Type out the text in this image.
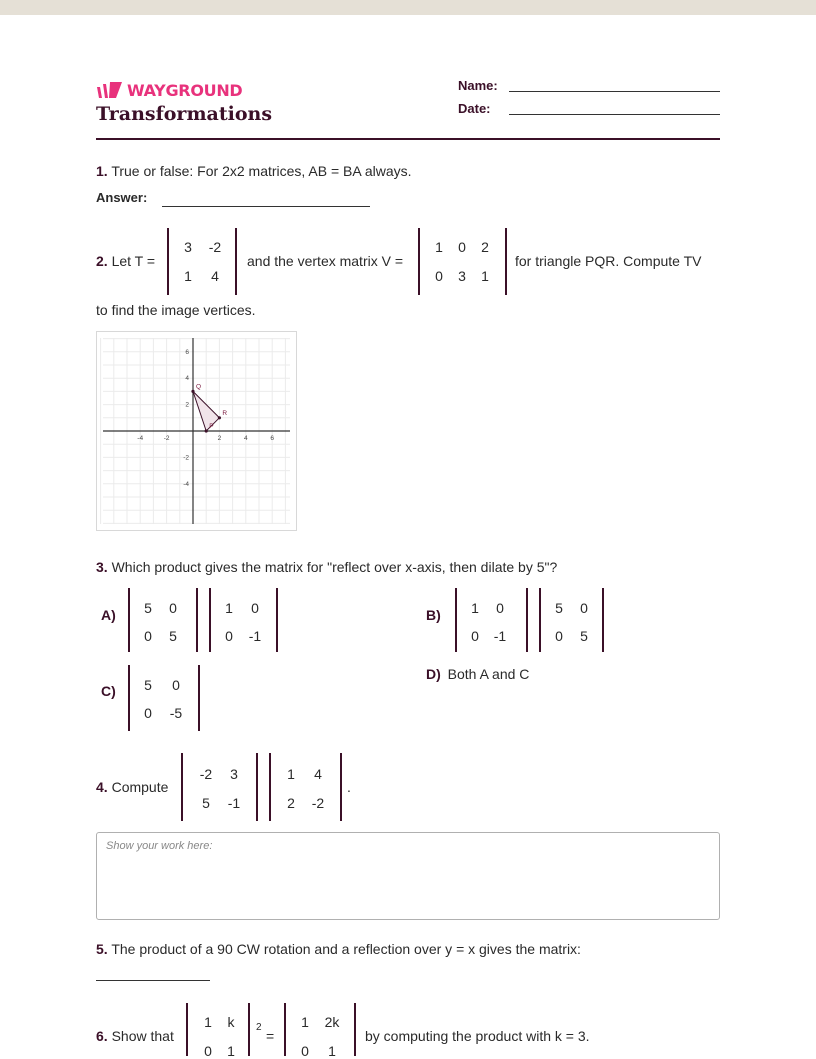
WAYGROUND
Transformations
Name:
Date:
1. True or false: For 2x2 matrices, AB = BA always.
Answer:
2. Let T =
3	-2
1	4
and the vertex matrix V =
1	0	2
0	3	1
for triangle PQR. Compute TV
to find the image vertices.
-4	-2	2	4	6
6
4
2
-2
-4
P
Q
R
3. Which product gives the matrix for "reflect over x-axis, then dilate by 5"?
A)	5	0
0	5
1	0
0	-1
B)	1	0
0	-1
5	0
0	5
C)	5	0
0	-5
D) Both A and C
4. Compute
-2	3
5	-1
1	4
2	-2
.
Show your work here:
5. The product of a 90 CW rotation and a reflection over y = x gives the matrix:
6. Show that
1	k
0	1
2
=
1	2k
0	1
by computing the product with k = 3.
